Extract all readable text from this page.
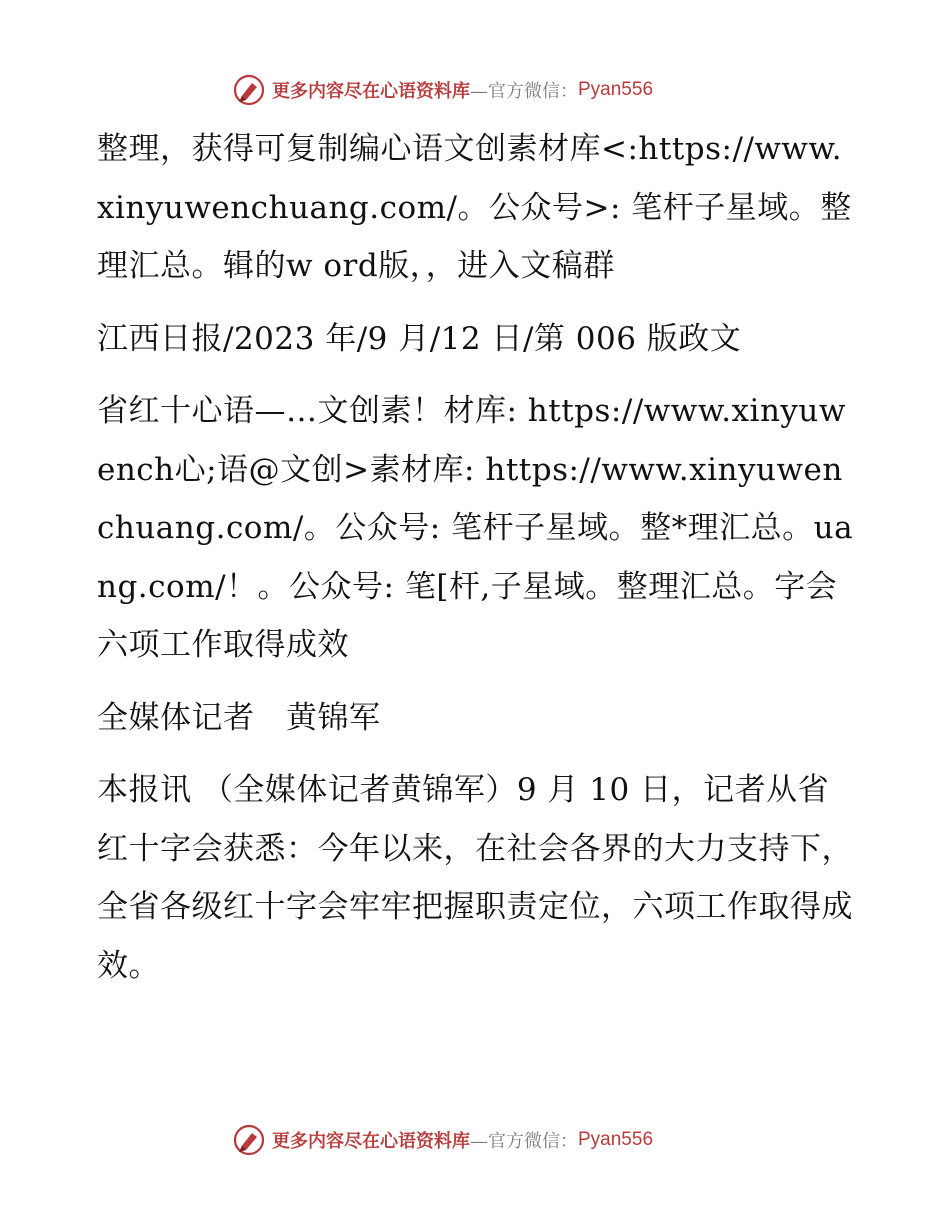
更多内容尽在心语资料库 —官方微信： Pyan556

整理，获得可复制编心语文创素材库<:https://www.xinyuwenchuang.com/。公众号>: 笔杆子星域。整理汇总。辑的w ord版，，进入文稿群

江西日报/2023 年/9 月/12 日/第 006 版政文

省红十心语—…文创素！材库: https://www.xinyuwench心;语@文创>素材库: https://www.xinyuwenchuang.com/。公众号: 笔杆子星域。整*理汇总。uang.com/！。公众号: 笔[杆,子星域。整理汇总。字会六项工作取得成效

全媒体记者　黄锦军

本报讯 （全媒体记者黄锦军）9 月 10 日，记者从省红十字会获悉：今年以来，在社会各界的大力支持下，全省各级红十字会牢牢把握职责定位，六项工作取得成效。

更多内容尽在心语资料库 —官方微信： Pyan556
